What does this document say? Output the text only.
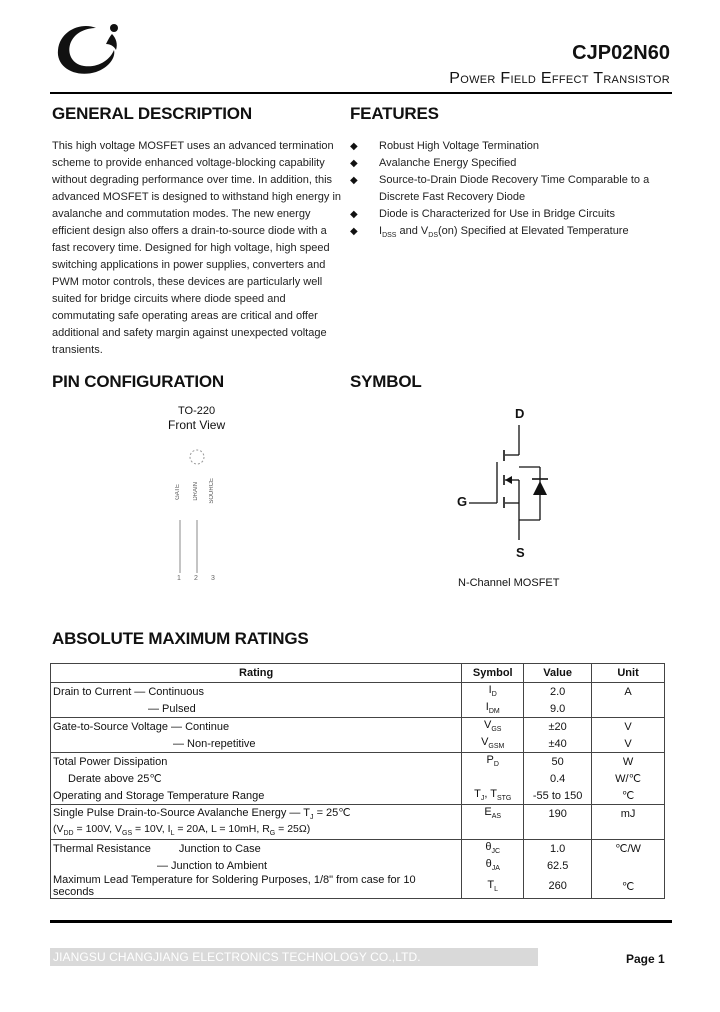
CJP02N60
Power Field Effect Transistor
GENERAL DESCRIPTION

This high voltage MOSFET uses an advanced termination

scheme to provide enhanced voltage-blocking capability

without degrading performance over time. In addition, this

advanced MOSFET is designed to withstand high energy in

avalanche and commutation modes. The new energy

efficient design also offers a drain-to-source diode with a

fast recovery time. Designed for high voltage, high speed

switching applications in power supplies, converters and

PWM motor controls, these devices are particularly well

suited for bridge circuits where diode speed and

commutating safe operating areas are critical and offer

additional and safety margin against unexpected voltage

transients.

FEATURES
◆ Robust High Voltage Termination
◆ Avalanche Energy Specified
◆ Source-to-Drain Diode Recovery Time Comparable to a
Discrete Fast Recovery Diode
◆ Diode is Characterized for Use in Bridge Circuits
◆ $I_{DSS}$ and $V_{DS}(on)$ Specified at Elevated Temperature
PIN CONFIGURATION
TO-220
Front View
GATE DRAIN SOURCE
1 2 3
SYMBOL
D
G
S
N-Channel MOSFET
ABSOLUTE MAXIMUM RATINGS
Rating	Symbol	Value	Unit
Drain to Current — Continuous	$I_D$	2.0	A
— Pulsed	$I_{DM}$	9.0	
Gate-to-Source Voltage — Continue	$V_{GS}$	±20	V
— Non-repetitive	$V_{GSM}$	±40	V
Total Power Dissipation	$P_D$	50	W
Derate above 25℃		0.4	W/℃
Operating and Storage Temperature Range	$T_J$, $T_{STG}$	-55 to 150	℃
Single Pulse Drain-to-Source Avalanche Energy — $T_J$ = 25℃	$E_{AS}$	190	mJ
($V_{DD} = 100V$, $V_{GS} = 10V$, $I_L = 20A$, L = 10mH, $R_G = 25\Omega$)			
Thermal Resistance Junction to Case	$\theta_{JC}$	1.0	℃/W
— Junction to Ambient	$\theta_{JA}$	62.5	
Maximum Lead Temperature for Soldering Purposes, 1/8" from case for 10 seconds	$T_L$	260	℃
JIANGSU CHANGJIANG ELECTRONICS TECHNOLOGY CO.,LTD.	Page 1
